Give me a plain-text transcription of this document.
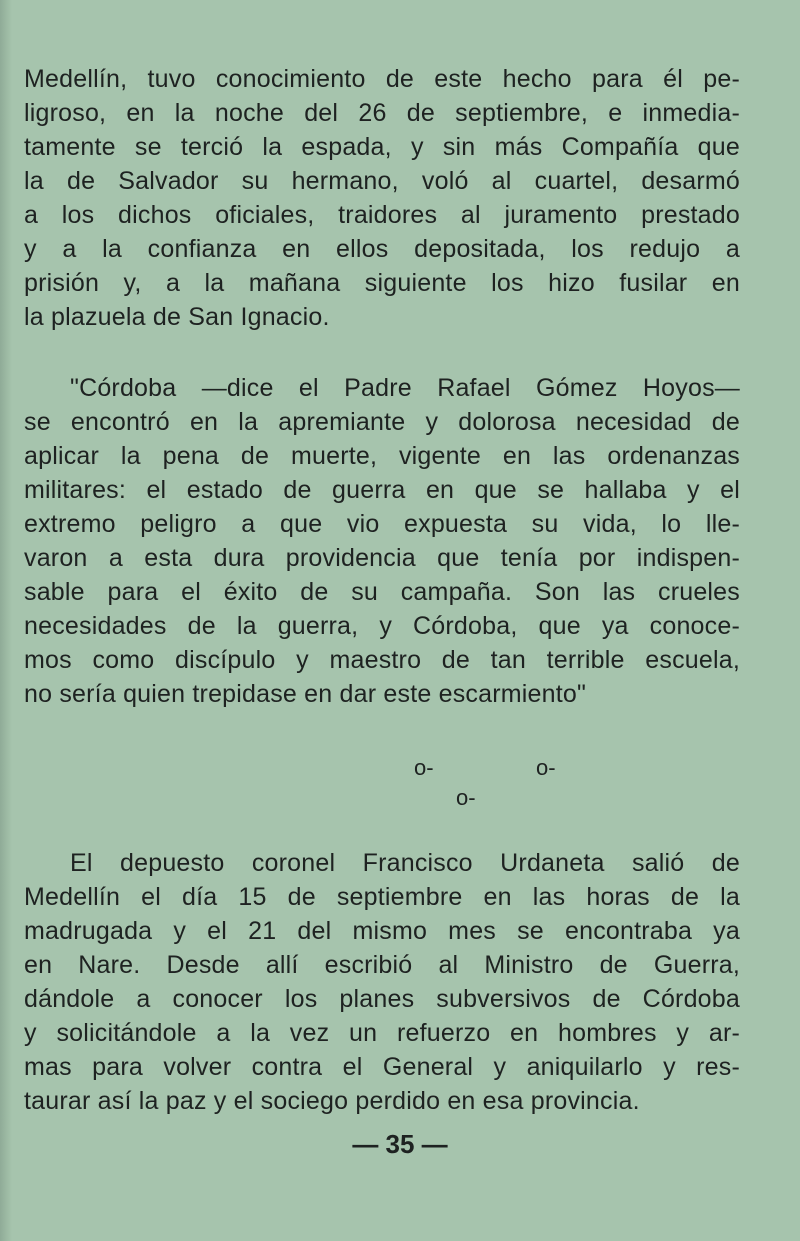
Medellín, tuvo conocimiento de este hecho para él pe-
ligroso, en la noche del 26 de septiembre, e inmedia-
tamente se terció la espada, y sin más Compañía que
la de Salvador su hermano, voló al cuartel, desarmó
a los dichos oficiales, traidores al juramento prestado
y a la confianza en ellos depositada, los redujo a
prisión y, a la mañana siguiente los hizo fusilar en
la plazuela de San Ignacio.
"Córdoba —dice el Padre Rafael Gómez Hoyos—
se encontró en la apremiante y dolorosa necesidad de
aplicar la pena de muerte, vigente en las ordenanzas
militares: el estado de guerra en que se hallaba y el
extremo peligro a que vio expuesta su vida, lo lle-
varon a esta dura providencia que tenía por indispen-
sable para el éxito de su campaña. Son las crueles
necesidades de la guerra, y Córdoba, que ya conoce-
mos como discípulo y maestro de tan terrible escuela,
no sería quien trepidase en dar este escarmiento"
o-	o-
o-
El depuesto coronel Francisco Urdaneta salió de
Medellín el día 15 de septiembre en las horas de la
madrugada y el 21 del mismo mes se encontraba ya
en Nare. Desde allí escribió al Ministro de Guerra,
dándole a conocer los planes subversivos de Córdoba
y solicitándole a la vez un refuerzo en hombres y ar-
mas para volver contra el General y aniquilarlo y res-
taurar así la paz y el sociego perdido en esa provincia.
— 35 —
